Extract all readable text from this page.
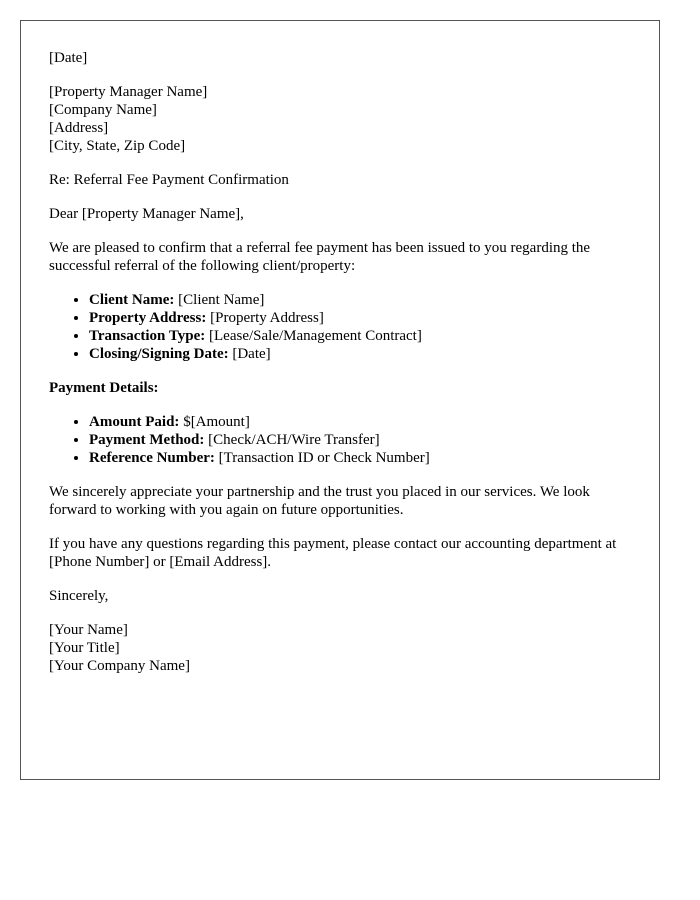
[Date]
[Property Manager Name]
[Company Name]
[Address]
[City, State, Zip Code]
Re: Referral Fee Payment Confirmation
Dear [Property Manager Name],
We are pleased to confirm that a referral fee payment has been issued to you regarding the successful referral of the following client/property:
• Client Name: [Client Name]
• Property Address: [Property Address]
• Transaction Type: [Lease/Sale/Management Contract]
• Closing/Signing Date: [Date]
Payment Details:
• Amount Paid: $[Amount]
• Payment Method: [Check/ACH/Wire Transfer]
• Reference Number: [Transaction ID or Check Number]
We sincerely appreciate your partnership and the trust you placed in our services. We look forward to working with you again on future opportunities.
If you have any questions regarding this payment, please contact our accounting department at [Phone Number] or [Email Address].
Sincerely,
[Your Name]
[Your Title]
[Your Company Name]
